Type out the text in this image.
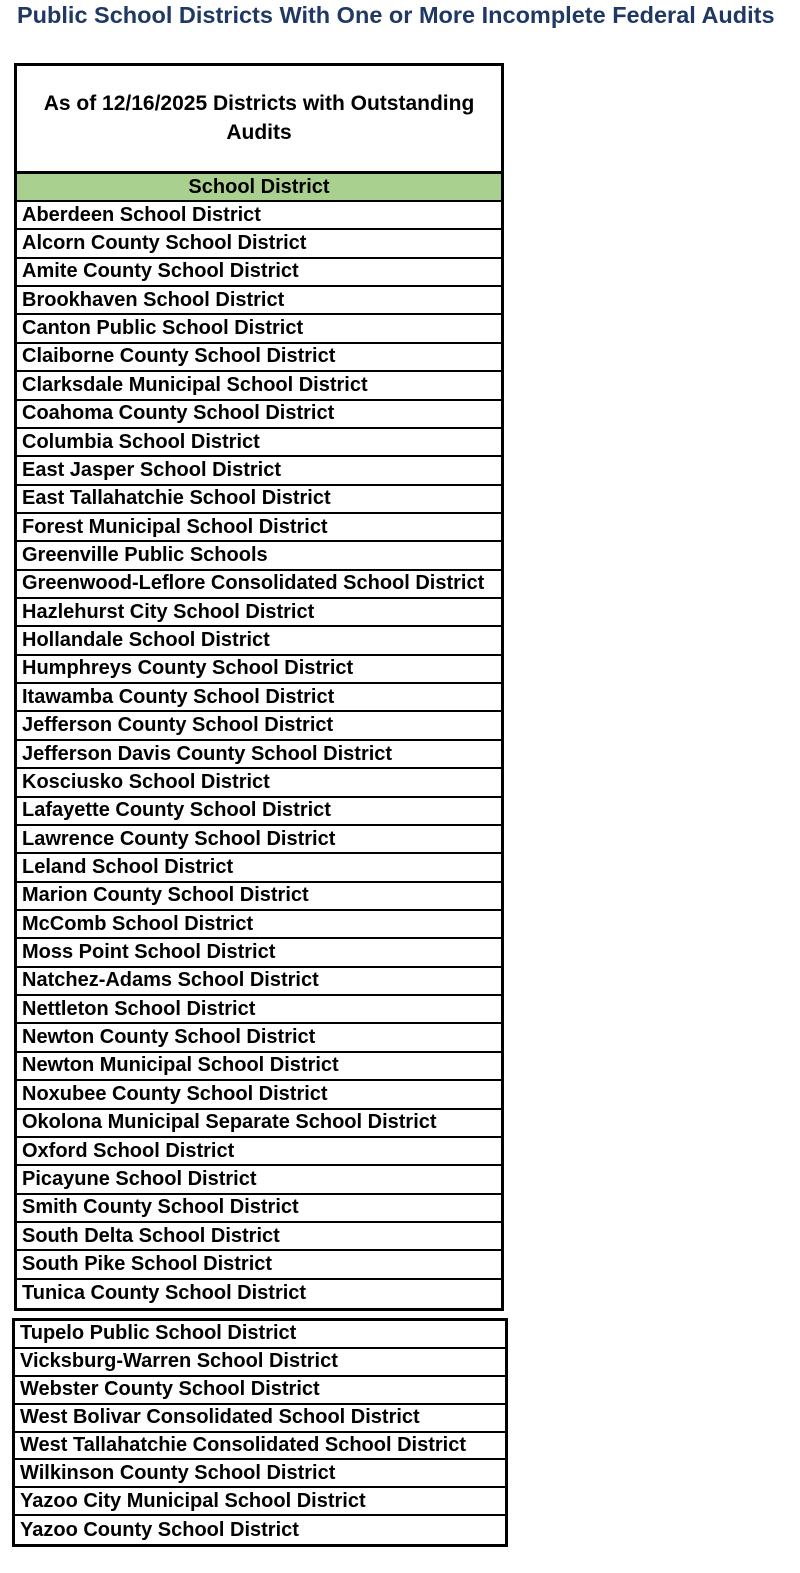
Public School Districts With One or More Incomplete Federal Audits
As of 12/16/2025 Districts with Outstanding Audits
School District
Aberdeen School District
Alcorn County School District
Amite County School District
Brookhaven School District
Canton Public School District
Claiborne County School District
Clarksdale Municipal School District
Coahoma County School District
Columbia School District
East Jasper School District
East Tallahatchie School District
Forest Municipal School District
Greenville Public Schools
Greenwood-Leflore Consolidated School District
Hazlehurst City School District
Hollandale School District
Humphreys County School District
Itawamba County School District
Jefferson County School District
Jefferson Davis County School District
Kosciusko School District
Lafayette County School District
Lawrence County School District
Leland School District
Marion County School District
McComb School District
Moss Point School District
Natchez-Adams School District
Nettleton School District
Newton County School District
Newton Municipal School District
Noxubee County School District
Okolona Municipal Separate School District
Oxford School District
Picayune School District
Smith County School District
South Delta School District
South Pike School District
Tunica County School District
Tupelo Public School District
Vicksburg-Warren School District
Webster County School District
West Bolivar Consolidated School District
West Tallahatchie Consolidated School District
Wilkinson County School District
Yazoo City Municipal School District
Yazoo County School District
